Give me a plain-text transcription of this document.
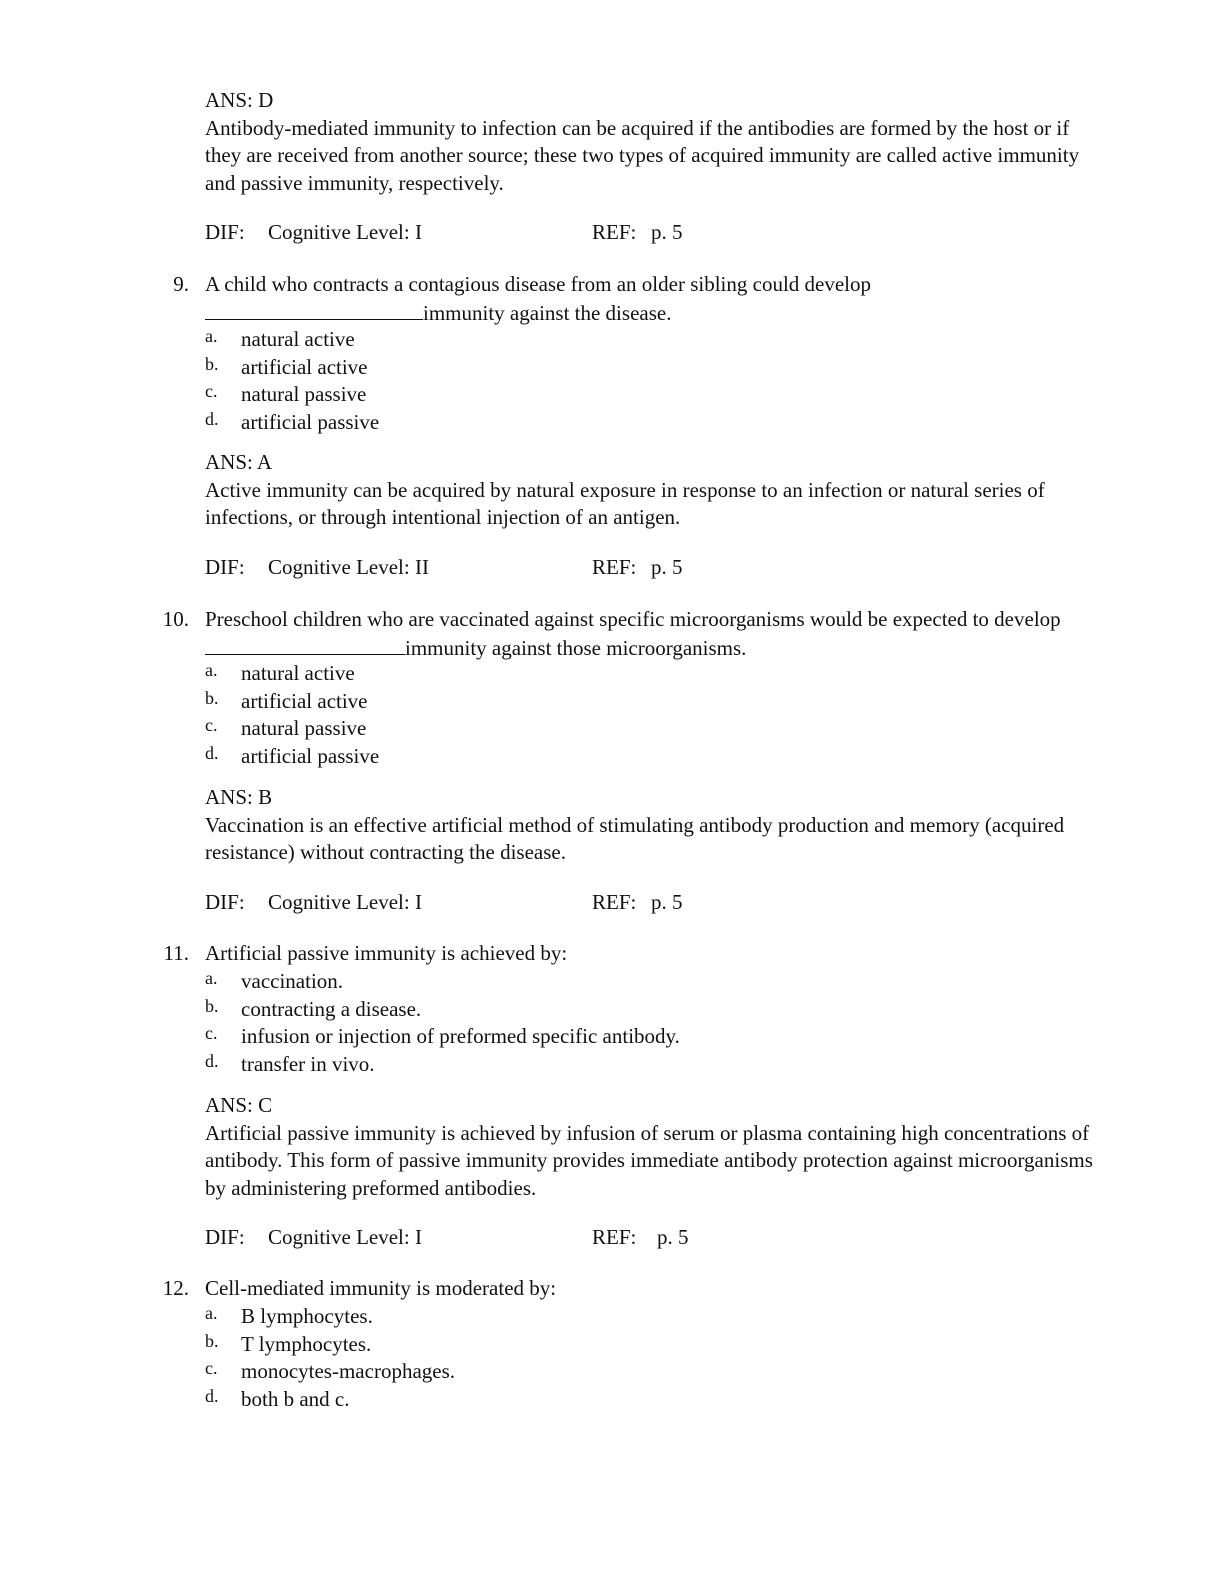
ANS: D

Antibody-mediated immunity to infection can be acquired if the antibodies are formed by the host or if they are received from another source; these two types of acquired immunity are called active immunity and passive immunity, respectively.

DIF: Cognitive Level: I	REF: p. 5
9. A child who contracts a contagious disease from an older sibling could develop
immunity against the disease.
a. natural active
b. artificial active
c. natural passive
d. artificial passive

ANS: A

Active immunity can be acquired by natural exposure in response to an infection or natural series of infections, or through intentional injection of an antigen.

DIF: Cognitive Level: II	REF: p. 5
10. Preschool children who are vaccinated against specific microorganisms would be expected to developimmunity against those microorganisms.
a. natural active
b. artificial active
c. natural passive
d. artificial passive

ANS: B

Vaccination is an effective artificial method of stimulating antibody production and memory (acquired resistance) without contracting the disease.

DIF: Cognitive Level: I	REF: p. 5
11. Artificial passive immunity is achieved by:
a. vaccination.
b. contracting a disease.
c. infusion or injection of preformed specific antibody.
d. transfer in vivo.

ANS: C

Artificial passive immunity is achieved by infusion of serum or plasma containing high concentrations of antibody. This form of passive immunity provides immediate antibody protection against microorganisms by administering preformed antibodies.

DIF: Cognitive Level: I	REF: p. 5
12. Cell-mediated immunity is moderated by:
a. B lymphocytes.
b. T lymphocytes.
c. monocytes-macrophages.
d. both b and c.
